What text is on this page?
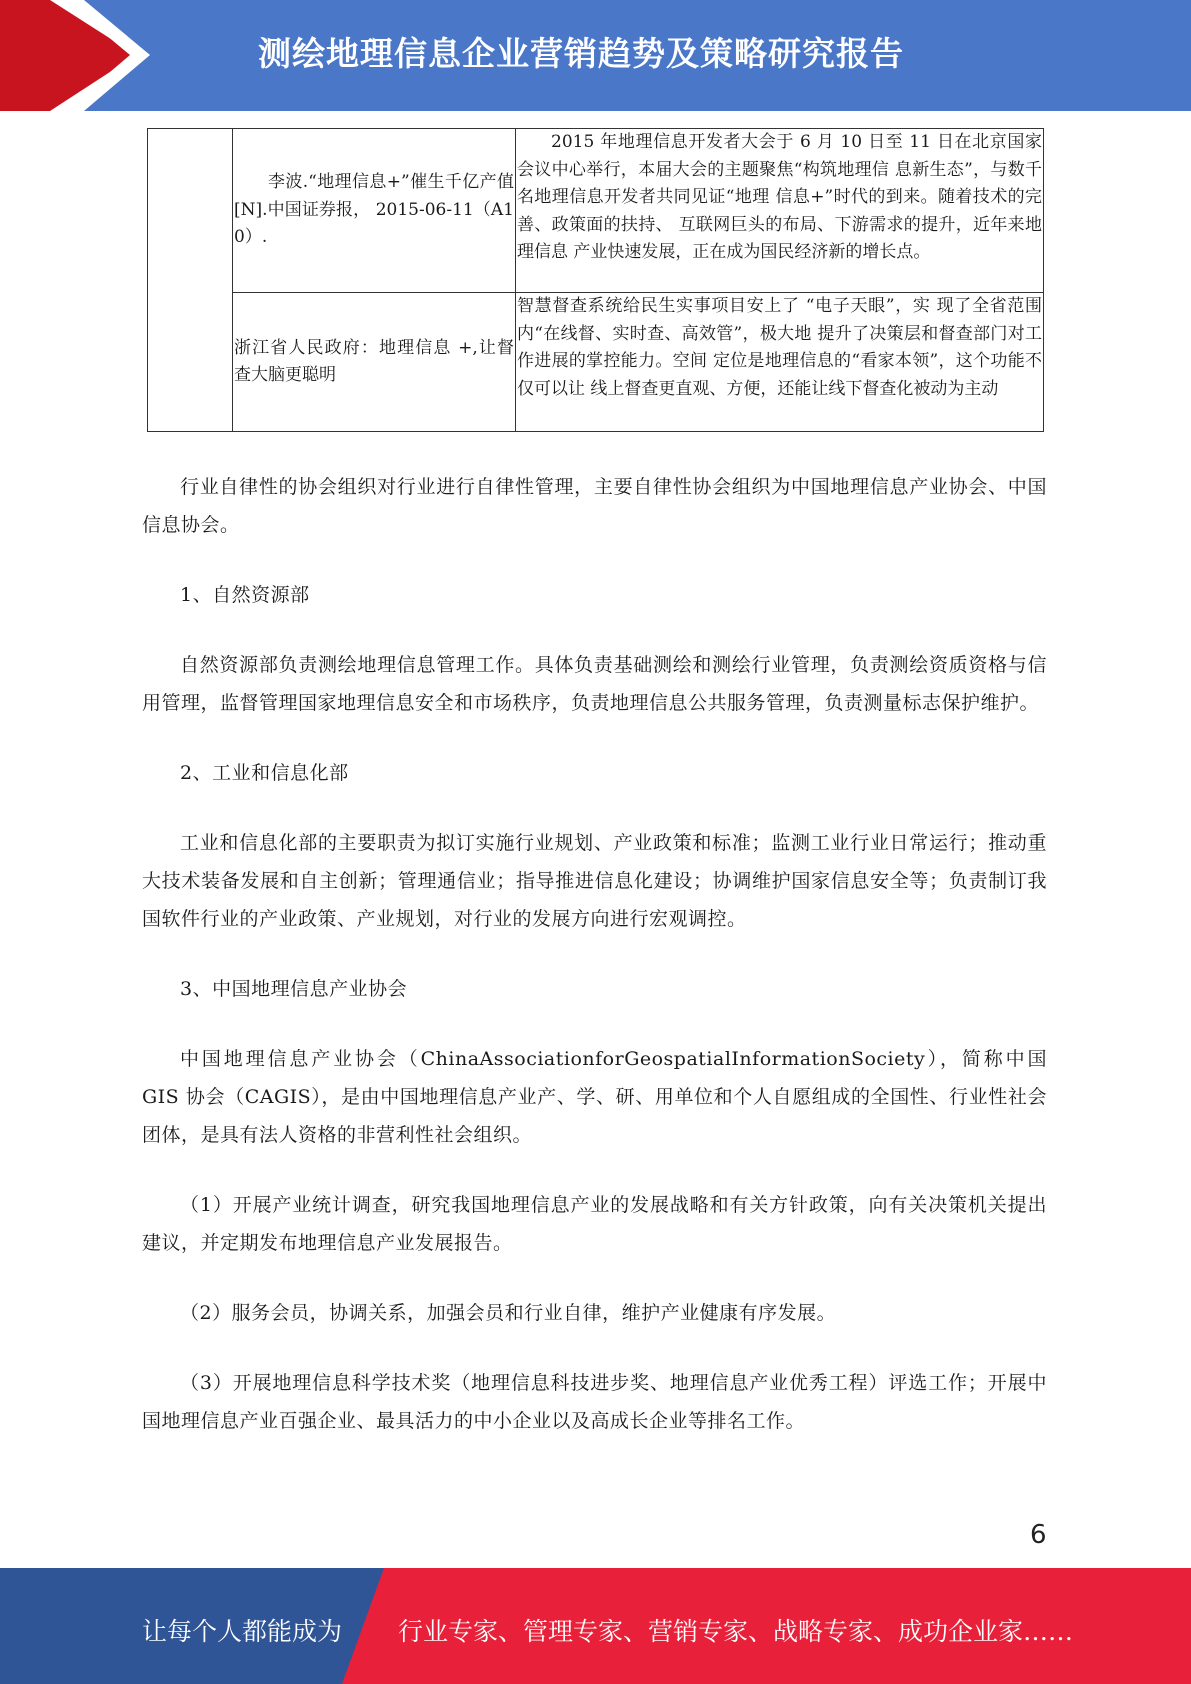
测绘地理信息企业营销趋势及策略研究报告

	李波.“地理信息+”催生千亿产值[N].中国证券报， 2015-06-11（A10）.	2015 年地理信息开发者大会于 6 月 10 日至 11 日在北京国家会议中心举行，本届大会的主题聚焦“构筑地理信 息新生态”，与数千名地理信息开发者共同见证“地理 信息+”时代的到来。随着技术的完善、政策面的扶持、 互联网巨头的布局、下游需求的提升，近年来地理信息 产业快速发展，正在成为国民经济新的增长点。

	浙江省人民政府：地理信息 +,让督查大脑更聪明	智慧督查系统给民生实事项目安上了 “电子天眼”，实 现了全省范围内“在线督、实时查、高效管”，极大地 提升了决策层和督查部门对工作进展的掌控能力。空间 定位是地理信息的“看家本领”，这个功能不仅可以让 线上督查更直观、方便，还能让线下督查化被动为主动

行业自律性的协会组织对行业进行自律性管理，主要自律性协会组织为中国地理信息产业协会、中国信息协会。

1、自然资源部

自然资源部负责测绘地理信息管理工作。具体负责基础测绘和测绘行业管理，负责测绘资质资格与信用管理，监督管理国家地理信息安全和市场秩序，负责地理信息公共服务管理，负责测量标志保护维护。

2、工业和信息化部

工业和信息化部的主要职责为拟订实施行业规划、产业政策和标准；监测工业行业日常运行；推动重大技术装备发展和自主创新；管理通信业；指导推进信息化建设；协调维护国家信息安全等；负责制订我国软件行业的产业政策、产业规划，对行业的发展方向进行宏观调控。

3、中国地理信息产业协会

中国地理信息产业协会（ChinaAssociationforGeospatialInformationSociety），简称中国 GIS 协会（CAGIS），是由中国地理信息产业产、学、研、用单位和个人自愿组成的全国性、行业性社会团体，是具有法人资格的非营利性社会组织。

（1）开展产业统计调查，研究我国地理信息产业的发展战略和有关方针政策，向有关决策机关提出建议，并定期发布地理信息产业发展报告。

（2）服务会员，协调关系，加强会员和行业自律，维护产业健康有序发展。

（3）开展地理信息科学技术奖（地理信息科技进步奖、地理信息产业优秀工程）评选工作；开展中国地理信息产业百强企业、最具活力的中小企业以及高成长企业等排名工作。

6
让每个人都能成为 行业专家、管理专家、营销专家、战略专家、成功企业家……
